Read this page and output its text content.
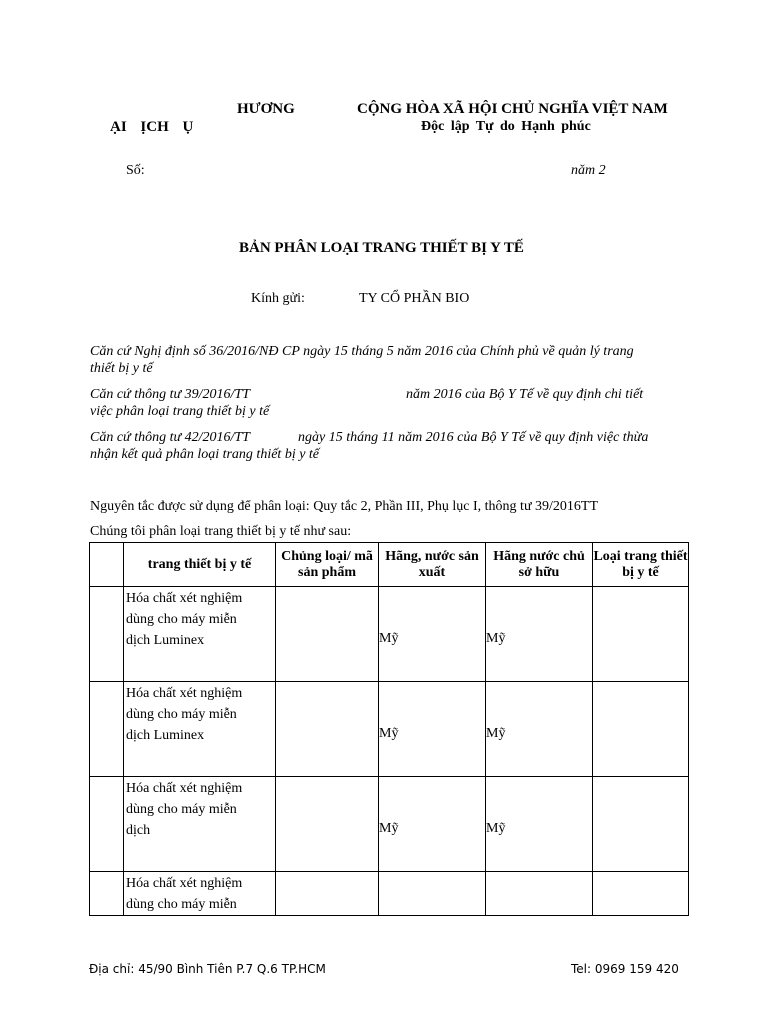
HƯƠNG
ẠI ỊCH Ụ
CỘNG HÒA XÃ HỘI CHỦ NGHĨA VIỆT NAM
Độc lập Tự do Hạnh phúc
Số:	năm 2
BẢN PHÂN LOẠI TRANG THIẾT BỊ Y TẾ
Kính gửi:	TY CỔ PHẦN BIO
Căn cứ Nghị định số 36/2016/NĐ CP ngày 15 tháng 5 năm 2016 của Chính phủ về quản lý trang
thiết bị y tế
Căn cứ thông tư 39/2016/TT	năm 2016 của Bộ Y Tế về quy định chi tiết
việc phân loại trang thiết bị y tế
Căn cứ thông tư 42/2016/TT	ngày 15 tháng 11 năm 2016 của Bộ Y Tế về quy định việc thừa
nhận kết quả phân loại trang thiết bị y tế
Nguyên tắc được sử dụng để phân loại: Quy tắc 2, Phần III, Phụ lục I, thông tư 39/2016TT
Chúng tôi phân loại trang thiết bị y tế như sau:
	trang thiết bị y tế	Chủng loại/ mã sản phẩm	Hãng, nước sản xuất	Hãng nước chủ sở hữu	Loại trang thiết bị y tế

	Hóa chất xét nghiệm
dùng cho máy miễn
dịch Luminex		Mỹ	Mỹ	

	Hóa chất xét nghiệm
dùng cho máy miễn
dịch Luminex		Mỹ	Mỹ	

	Hóa chất xét nghiệm
dùng cho máy miễn
dịch		Mỹ	Mỹ	

	Hóa chất xét nghiệm
dùng cho máy miễn				

Địa chỉ: 45/90 Bình Tiên P.7 Q.6 TP.HCM	Tel: 0969 159 420
